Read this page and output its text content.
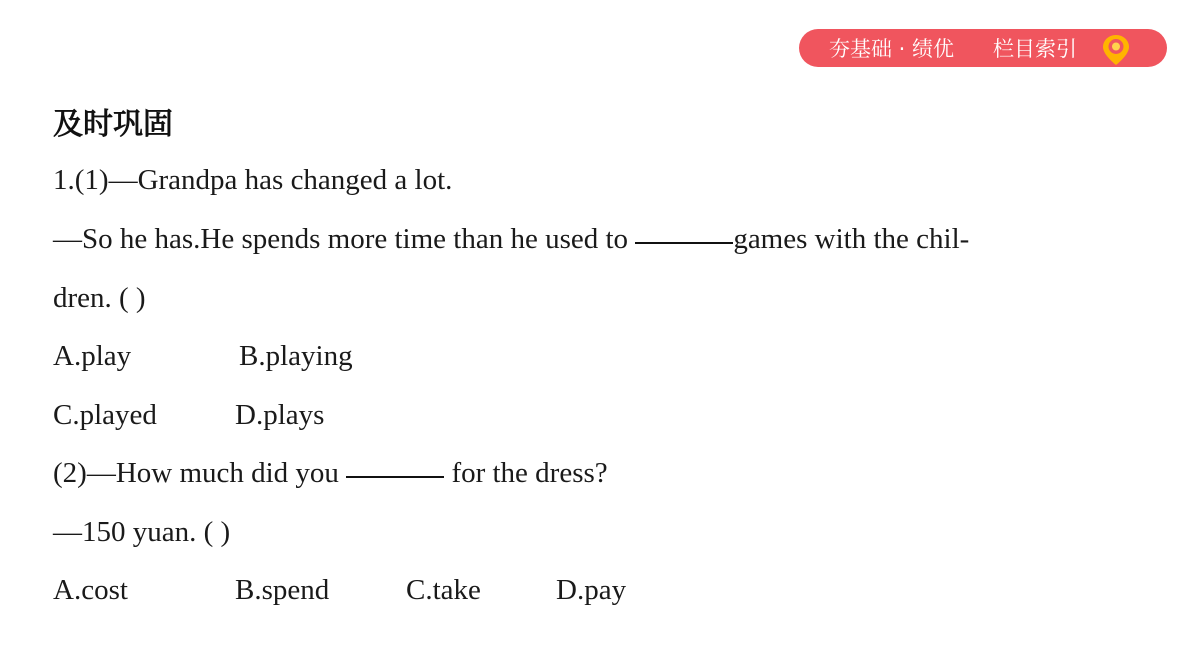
夯基础 · 绩优 栏目索引
及时巩固
1.(1)—Grandpa has changed a lot.
—So he has.He spends more time than he used to	games with the chil-
dren. ( )
A.play	B.playing
C.played	D.plays
(2)—How much did you	for the dress?
—150 yuan. ( )
A.cost	B.spend	C.take	D.pay
